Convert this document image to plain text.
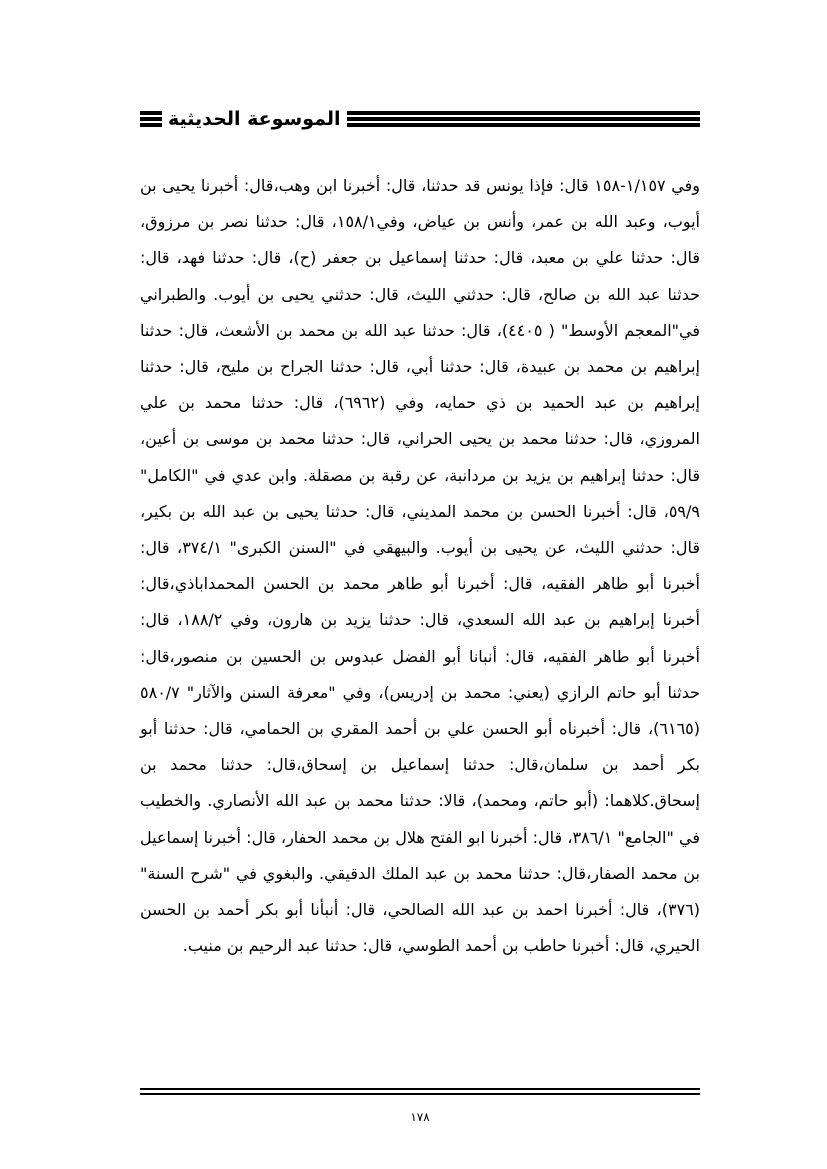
الموسوعة الحديثية

وفي ١/١٥٧-١٥٨ قال: فإذا يونس قد حدثنا، قال: أخبرنا ابن وهب،قال: أخبرنا يحيى بن أيوب، وعبد الله بن عمر، وأنس بن عياض، وفي١٥٨/١، قال: حدثنا نصر بن مرزوق، قال: حدثنا علي بن معبد، قال: حدثنا إسماعيل بن جعفر (ح)، قال: حدثنا فهد، قال: حدثنا عبد الله بن صالح، قال: حدثني الليث، قال: حدثني يحيى بن أيوب. والطبراني في"المعجم الأوسط" ( ٤٤٠٥)، قال: حدثنا عبد الله بن محمد بن الأشعث، قال: حدثنا إبراهيم بن محمد بن عبيدة، قال: حدثنا أبي، قال: حدثنا الجراح بن مليح، قال: حدثنا إبراهيم بن عبد الحميد بن ذي حمايه، وفي (٦٩٦٢)، قال: حدثنا محمد بن علي المروزي، قال: حدثنا محمد بن يحيى الحراني، قال: حدثنا محمد بن موسى بن أعين، قال: حدثنا إبراهيم بن يزيد بن مردانبة، عن رقبة بن مصقلة. وابن عدي في "الكامل" ٥٩/٩، قال: أخبرنا الحسن بن محمد المديني، قال: حدثنا يحيى بن عبد الله بن بكير، قال: حدثني الليث، عن يحيى بن أيوب. والبيهقي في "السنن الكبرى" ٣٧٤/١، قال: أخبرنا أبو طاهر الفقيه، قال: أخبرنا أبو طاهر محمد بن الحسن المحمداباذي،قال: أخبرنا إبراهيم بن عبد الله السعدي، قال: حدثنا يزيد بن هارون، وفي ١٨٨/٢، قال: أخبرنا أبو طاهر الفقيه، قال: أنبانا أبو الفضل عبدوس بن الحسين بن منصور،قال: حدثنا أبو حاتم الرازي (يعني: محمد بن إدريس)، وفي "معرفة السنن والآثار" ٥٨٠/٧ (٦١٦٥)، قال: أخبرناه أبو الحسن علي بن أحمد المقري بن الحمامي، قال: حدثنا أبو بكر أحمد بن سلمان،قال: حدثنا إسماعيل بن إسحاق،قال: حدثنا محمد بن إسحاق.كلاهما: (أبو حاتم، ومحمد)، قالا: حدثنا محمد بن عبد الله الأنصاري. والخطيب في "الجامع" ٣٨٦/١، قال: أخبرنا ابو الفتح هلال بن محمد الحفار، قال: أخبرنا إسماعيل بن محمد الصفار،قال: حدثنا محمد بن عبد الملك الدقيقي. والبغوي في "شرح السنة" (٣٧٦)، قال: أخبرنا احمد بن عبد الله الصالحي، قال: أنبأنا أبو بكر أحمد بن الحسن الحيري، قال: أخبرنا حاطب بن أحمد الطوسي، قال: حدثنا عبد الرحيم بن منيب.

١٧٨
